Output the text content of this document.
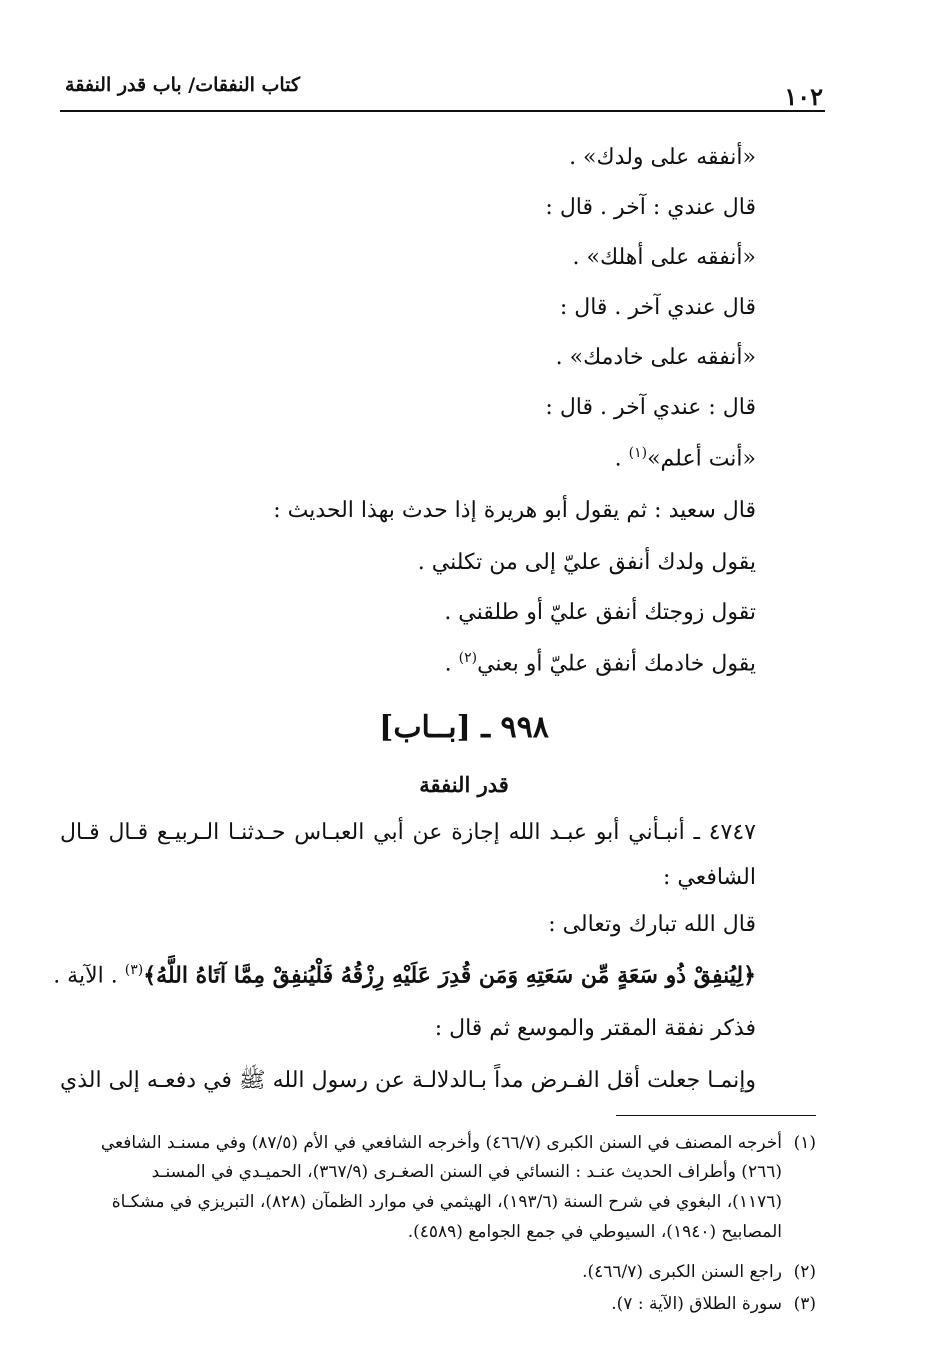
كتاب النفقات/ باب قدر النفقة	١٠٢
«أنفقه على ولدك» .
قال عندي : آخر . قال :
«أنفقه على أهلك» .
قال عندي آخر . قال :
«أنفقه على خادمك» .
قال : عندي آخر . قال :
«أنت أعلم»$^{(١)}$ .
قال سعيد : ثم يقول أبو هريرة إذا حدث بهذا الحديث :
يقول ولدك أنفق عليّ إلى من تكلني .
تقول زوجتك أنفق عليّ أو طلقني .
يقول خادمك أنفق عليّ أو بعني$^{(٢)}$ .
٩٩٨ ـ [بــاب]
قدر النفقة
٤٧٤٧ ـ أنبـأني أبو عبـد الله إجازة عن أبي العبـاس حـدثنـا الـربيـع قـال قـال
الشافعي :
قال الله تبارك وتعالى :
﴿لِيُنفِقْ ذُو سَعَةٍ مِّن سَعَتِهِ وَمَن قُدِرَ عَلَيْهِ رِزْقُهُ فَلْيُنفِقْ مِمَّا آتَاهُ اللَّهُ﴾$^{(٣)}$ . الآية .
فذكر نفقة المقتر والموسع ثم قال :
وإنمـا جعلت أقل الفـرض مداً بـالدلالـة عن رسول الله ﷺ في دفعـه إلى الذي
(١)أخرجه المصنف في السنن الكبرى (٤٦٦/٧) وأخرجه الشافعي في الأم (٨٧/٥) وفي مسنـد الشافعي
(٢٦٦) وأطراف الحديث عنـد : النسائي في السنن الصغـرى (٣٦٧/٩)، الحميـدي في المسنـد
(١١٧٦)، البغوي في شرح السنة (١٩٣/٦)، الهيثمي في موارد الظمآن (٨٢٨)، التبريزي في مشكـاة
المصابيح (١٩٤٠)، السيوطي في جمع الجوامع (٤٥٨٩).
(٢)راجع السنن الكبرى (٤٦٦/٧).
(٣)سورة الطلاق (الآية : ٧).
